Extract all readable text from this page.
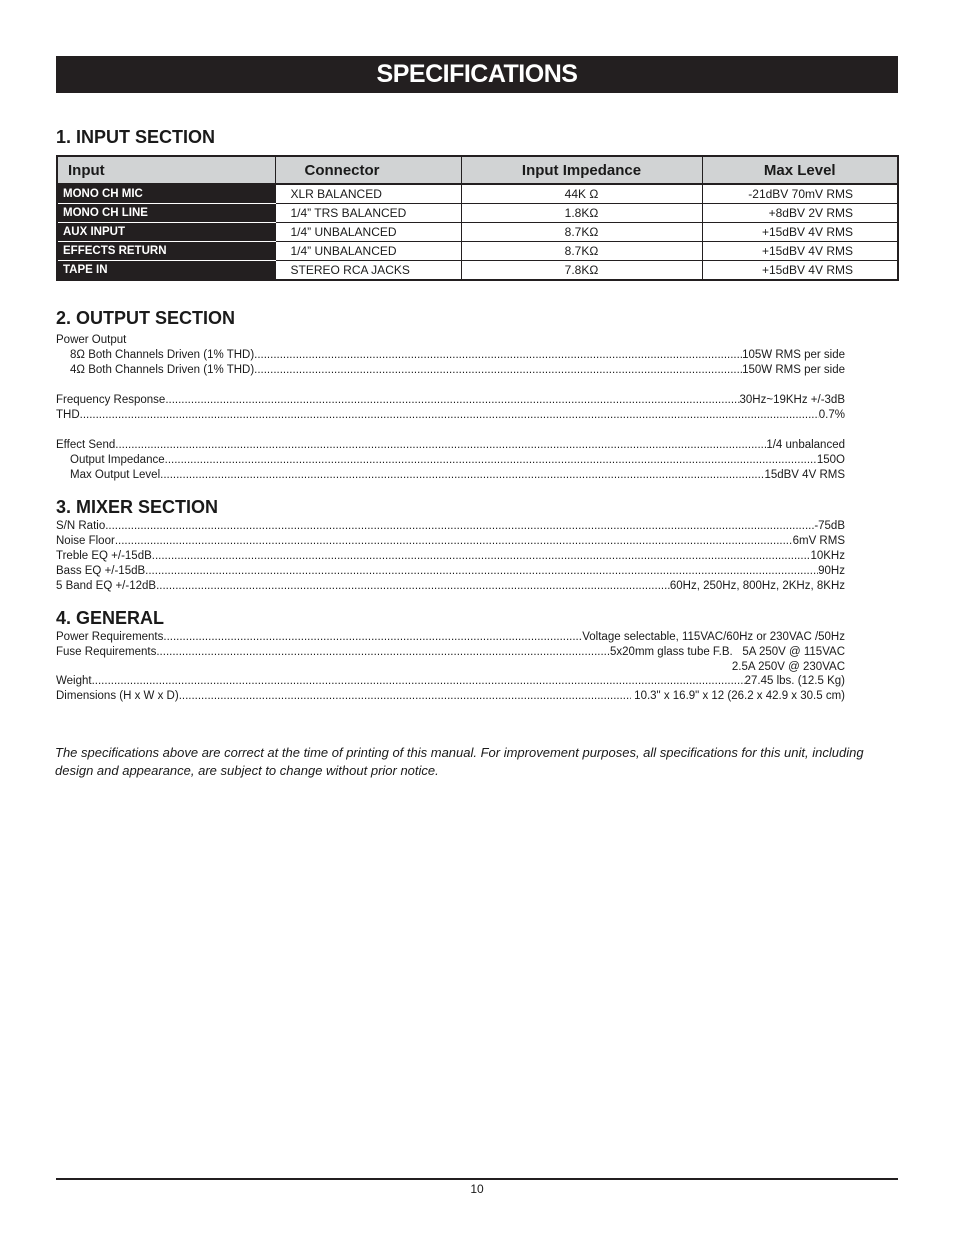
SPECIFICATIONS
1. INPUT SECTION
Input	Connector	Input Impedance	Max Level
MONO CH MIC	XLR BALANCED	44K Ω	-21dBV 70mV RMS
MONO CH LINE	1/4” TRS BALANCED	1.8KΩ	+8dBV 2V RMS
AUX INPUT	1/4” UNBALANCED	8.7KΩ	+15dBV 4V RMS
EFFECTS RETURN	1/4” UNBALANCED	8.7KΩ	+15dBV 4V RMS
TAPE IN	STEREO RCA JACKS	7.8KΩ	+15dBV 4V RMS
2. OUTPUT SECTION
Power Output
8Ω Both Channels Driven (1% THD) .....	105W RMS per side
4Ω Both Channels Driven (1% THD) .....	150W RMS per side
Frequency Response .....	30Hz~19KHz +/-3dB
THD .....	0.7%
Effect Send .....	1/4 unbalanced
Output Impedance .....	150O
Max Output Level .....	15dBV 4V RMS
3. MIXER SECTION
S/N Ratio .....	-75dB
Noise Floor .....	6mV RMS
Treble EQ +/-15dB .....	10KHz
Bass EQ +/-15dB .....	90Hz
5 Band EQ +/-12dB .....	60Hz, 250Hz, 800Hz, 2KHz, 8KHz
4. GENERAL
Power Requirements .....	Voltage selectable, 115VAC/60Hz or 230VAC /50Hz
Fuse Requirements .....	5x20mm glass tube F.B.   5A 250V @ 115VAC
2.5A 250V @ 230VAC
Weight .....	27.45 lbs. (12.5 Kg)
Dimensions (H x W x D) .....	10.3" x 16.9" x 12 (26.2 x 42.9 x 30.5 cm)

The specifications above are correct at the time of printing of this manual. For improvement purposes, all specifications for this unit, including design and appearance, are subject to change without prior notice.

10
